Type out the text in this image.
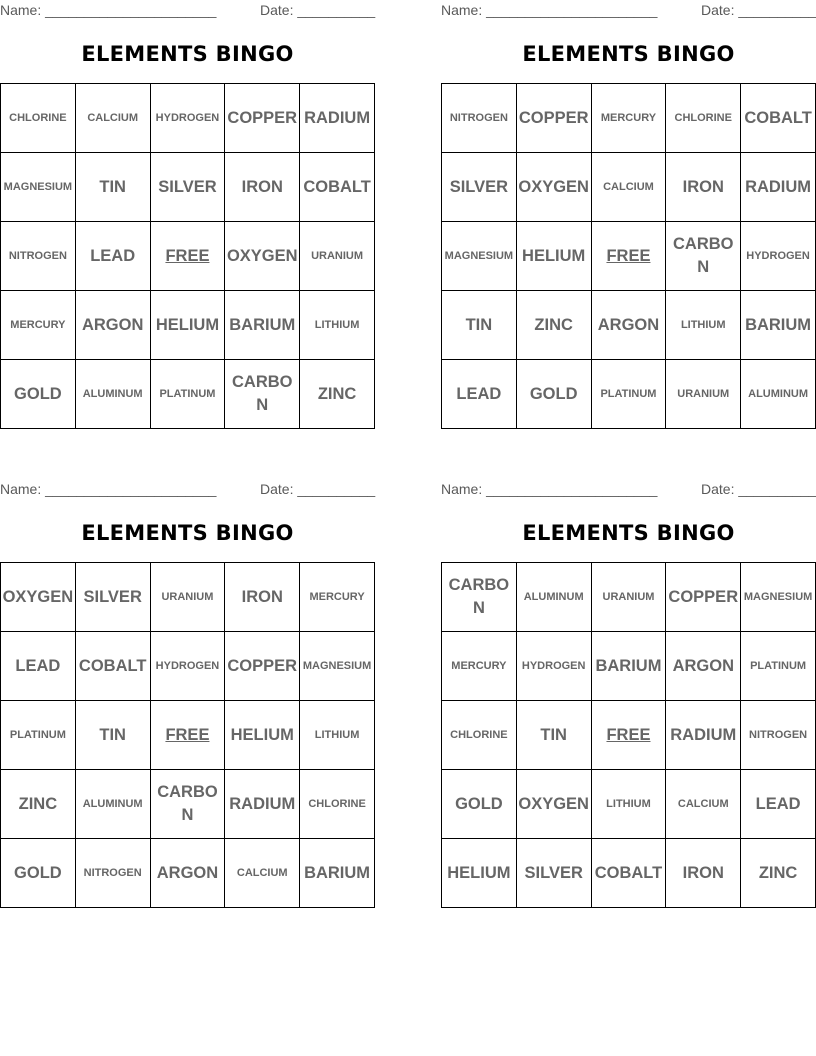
Name: ______________________	Date: __________
ELEMENTS BINGO
CHLORINE	CALCIUM	HYDROGEN	COPPER	RADIUM
MAGNESIUM	TIN	SILVER	IRON	COBALT
NITROGEN	LEAD	FREE	OXYGEN	URANIUM
MERCURY	ARGON	HELIUM	BARIUM	LITHIUM
GOLD	ALUMINUM	PLATINUM	CARBON	ZINC
Name: ______________________	Date: __________
ELEMENTS BINGO
NITROGEN	COPPER	MERCURY	CHLORINE	COBALT
SILVER	OXYGEN	CALCIUM	IRON	RADIUM
MAGNESIUM	HELIUM	FREE	CARBON	HYDROGEN
TIN	ZINC	ARGON	LITHIUM	BARIUM
LEAD	GOLD	PLATINUM	URANIUM	ALUMINUM
Name: ______________________	Date: __________
ELEMENTS BINGO
OXYGEN	SILVER	URANIUM	IRON	MERCURY
LEAD	COBALT	HYDROGEN	COPPER	MAGNESIUM
PLATINUM	TIN	FREE	HELIUM	LITHIUM
ZINC	ALUMINUM	CARBON	RADIUM	CHLORINE
GOLD	NITROGEN	ARGON	CALCIUM	BARIUM
Name: ______________________	Date: __________
ELEMENTS BINGO
CARBON	ALUMINUM	URANIUM	COPPER	MAGNESIUM
MERCURY	HYDROGEN	BARIUM	ARGON	PLATINUM
CHLORINE	TIN	FREE	RADIUM	NITROGEN
GOLD	OXYGEN	LITHIUM	CALCIUM	LEAD
HELIUM	SILVER	COBALT	IRON	ZINC
